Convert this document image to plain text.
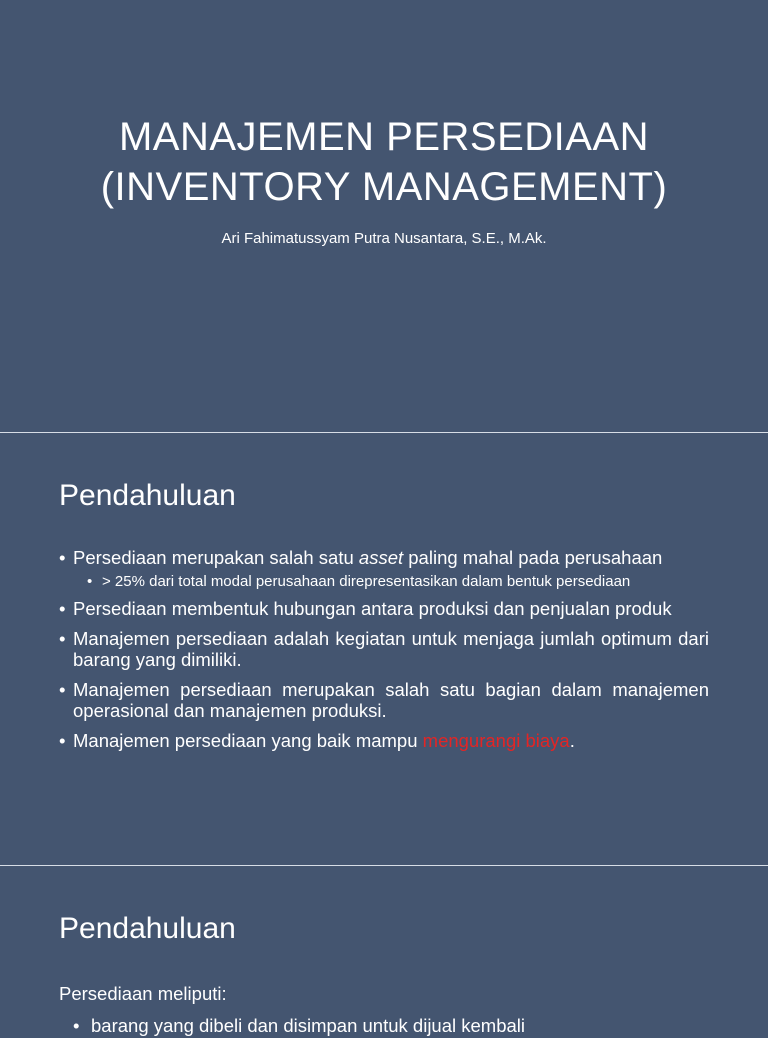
MANAJEMEN PERSEDIAAN
(INVENTORY MANAGEMENT)

Ari Fahimatussyam Putra Nusantara, S.E., M.Ak.

Pendahuluan
• Persediaan merupakan salah satu asset paling mahal pada perusahaan
• > 25% dari total modal perusahaan direpresentasikan dalam bentuk persediaan
• Persediaan membentuk hubungan antara produksi dan penjualan produk
• Manajemen persediaan adalah kegiatan untuk menjaga jumlah optimum dari barang yang dimiliki.
• Manajemen persediaan merupakan salah satu bagian dalam manajemen operasional dan manajemen produksi.
• Manajemen persediaan yang baik mampu mengurangi biaya.
Pendahuluan

Persediaan meliputi:

• barang yang dibeli dan disimpan untuk dijual kembali
